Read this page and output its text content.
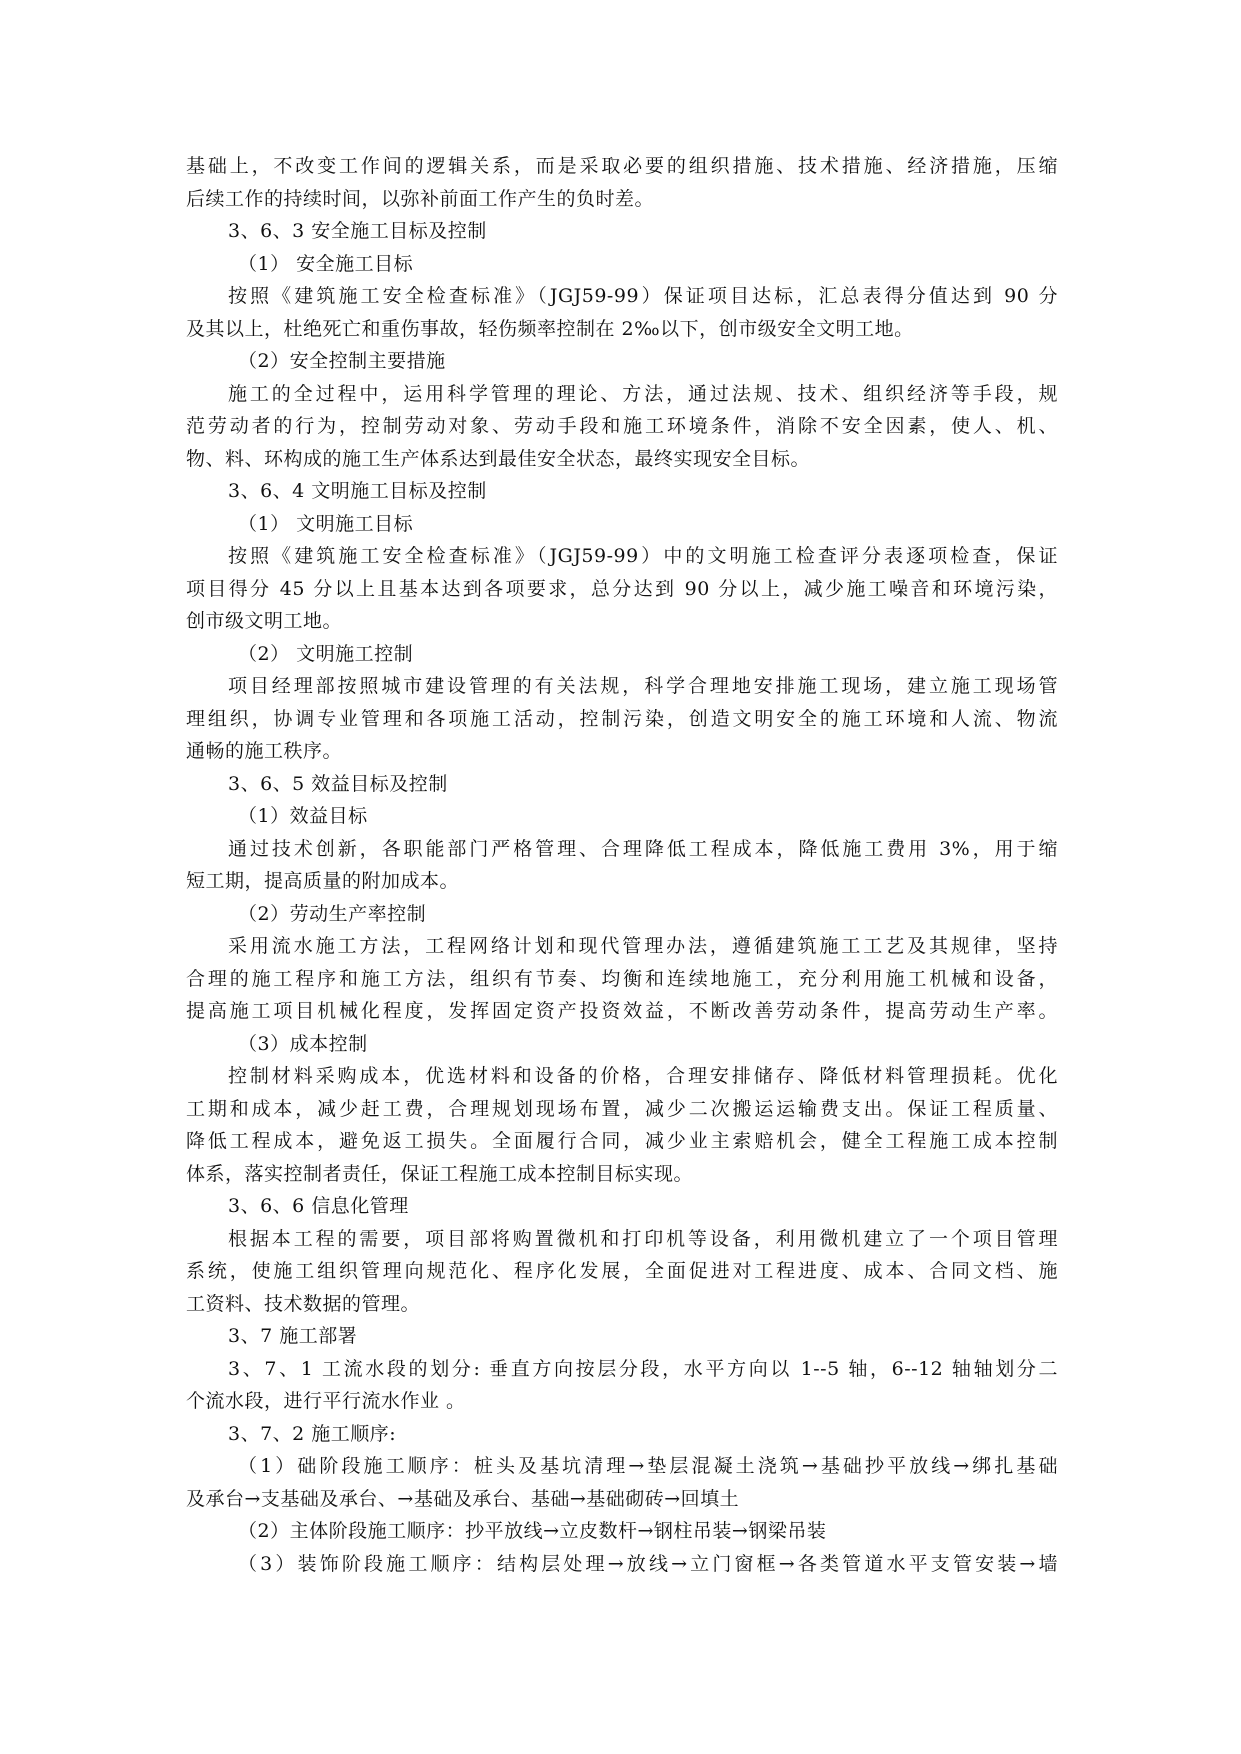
基础上，不改变工作间的逻辑关系，而是采取必要的组织措施、技术措施、经济措施，压缩
后续工作的持续时间，以弥补前面工作产生的负时差。
3、6、3 安全施工目标及控制
（1） 安全施工目标
按照《建筑施工安全检查标准》（JGJ59-99）保证项目达标，汇总表得分值达到 90 分
及其以上，杜绝死亡和重伤事故，轻伤频率控制在 2‰以下，创市级安全文明工地。
（2）安全控制主要措施
施工的全过程中，运用科学管理的理论、方法，通过法规、技术、组织经济等手段，规
范劳动者的行为，控制劳动对象、劳动手段和施工环境条件，消除不安全因素，使人、机、
物、料、环构成的施工生产体系达到最佳安全状态，最终实现安全目标。
3、6、4 文明施工目标及控制
（1） 文明施工目标
按照《建筑施工安全检查标准》（JGJ59-99）中的文明施工检查评分表逐项检查，保证
项目得分 45 分以上且基本达到各项要求，总分达到 90 分以上，减少施工噪音和环境污染，
创市级文明工地。
（2） 文明施工控制
项目经理部按照城市建设管理的有关法规，科学合理地安排施工现场，建立施工现场管
理组织，协调专业管理和各项施工活动，控制污染，创造文明安全的施工环境和人流、物流
通畅的施工秩序。
3、6、5 效益目标及控制
（1）效益目标
通过技术创新，各职能部门严格管理、合理降低工程成本，降低施工费用 3%，用于缩
短工期，提高质量的附加成本。
（2）劳动生产率控制
采用流水施工方法，工程网络计划和现代管理办法，遵循建筑施工工艺及其规律，坚持
合理的施工程序和施工方法，组织有节奏、均衡和连续地施工，充分利用施工机械和设备，
提高施工项目机械化程度，发挥固定资产投资效益，不断改善劳动条件，提高劳动生产率。
（3）成本控制
控制材料采购成本，优选材料和设备的价格，合理安排储存、降低材料管理损耗。优化
工期和成本，减少赶工费，合理规划现场布置，减少二次搬运运输费支出。保证工程质量、
降低工程成本，避免返工损失。全面履行合同，减少业主索赔机会，健全工程施工成本控制
体系，落实控制者责任，保证工程施工成本控制目标实现。
3、6、6 信息化管理
根据本工程的需要，项目部将购置微机和打印机等设备，利用微机建立了一个项目管理
系统，使施工组织管理向规范化、程序化发展，全面促进对工程进度、成本、合同文档、施
工资料、技术数据的管理。
3、7 施工部署
3、7、1 工流水段的划分: 垂直方向按层分段，水平方向以 1--5 轴，6--12 轴轴划分二
个流水段，进行平行流水作业 。
3、7、2 施工顺序:
（1）础阶段施工顺序：桩头及基坑清理→垫层混凝土浇筑→基础抄平放线→绑扎基础
及承台→支基础及承台、→基础及承台、基础→基础砌砖→回填土
（2）主体阶段施工顺序：抄平放线→立皮数杆→钢柱吊装→钢梁吊装
（3）装饰阶段施工顺序：结构层处理→放线→立门窗框→各类管道水平支管安装→墙
